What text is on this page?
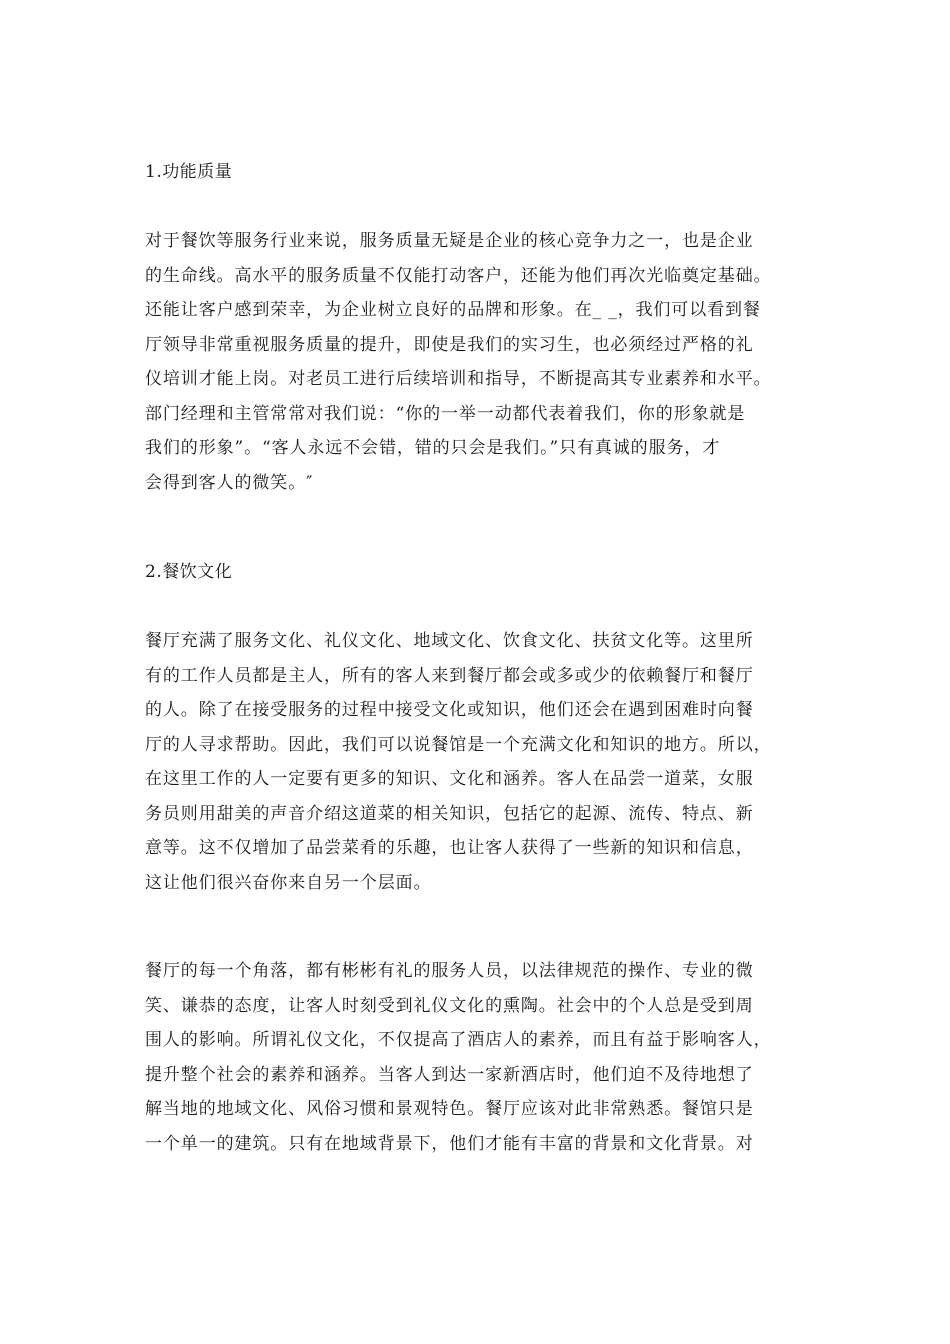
1.功能质量
对于餐饮等服务行业来说，服务质量无疑是企业的核心竞争力之一，也是企业
的生命线。高水平的服务质量不仅能打动客户，还能为他们再次光临奠定基础。
还能让客户感到荣幸，为企业树立良好的品牌和形象。在_ _，我们可以看到餐
厅领导非常重视服务质量的提升，即使是我们的实习生，也必须经过严格的礼
仪培训才能上岗。对老员工进行后续培训和指导，不断提高其专业素养和水平。
部门经理和主管常常对我们说：“你的一举一动都代表着我们，你的形象就是
我们的形象”。“客人永远不会错，错的只会是我们。”只有真诚的服务，才
会得到客人的微笑。″
2.餐饮文化
餐厅充满了服务文化、礼仪文化、地域文化、饮食文化、扶贫文化等。这里所
有的工作人员都是主人，所有的客人来到餐厅都会或多或少的依赖餐厅和餐厅
的人。除了在接受服务的过程中接受文化或知识，他们还会在遇到困难时向餐
厅的人寻求帮助。因此，我们可以说餐馆是一个充满文化和知识的地方。所以，
在这里工作的人一定要有更多的知识、文化和涵养。客人在品尝一道菜，女服
务员则用甜美的声音介绍这道菜的相关知识，包括它的起源、流传、特点、新
意等。这不仅增加了品尝菜肴的乐趣，也让客人获得了一些新的知识和信息，
这让他们很兴奋你来自另一个层面。
餐厅的每一个角落，都有彬彬有礼的服务人员，以法律规范的操作、专业的微
笑、谦恭的态度，让客人时刻受到礼仪文化的熏陶。社会中的个人总是受到周
围人的影响。所谓礼仪文化，不仅提高了酒店人的素养，而且有益于影响客人，
提升整个社会的素养和涵养。当客人到达一家新酒店时，他们迫不及待地想了
解当地的地域文化、风俗习惯和景观特色。餐厅应该对此非常熟悉。餐馆只是
一个单一的建筑。只有在地域背景下，他们才能有丰富的背景和文化背景。对
